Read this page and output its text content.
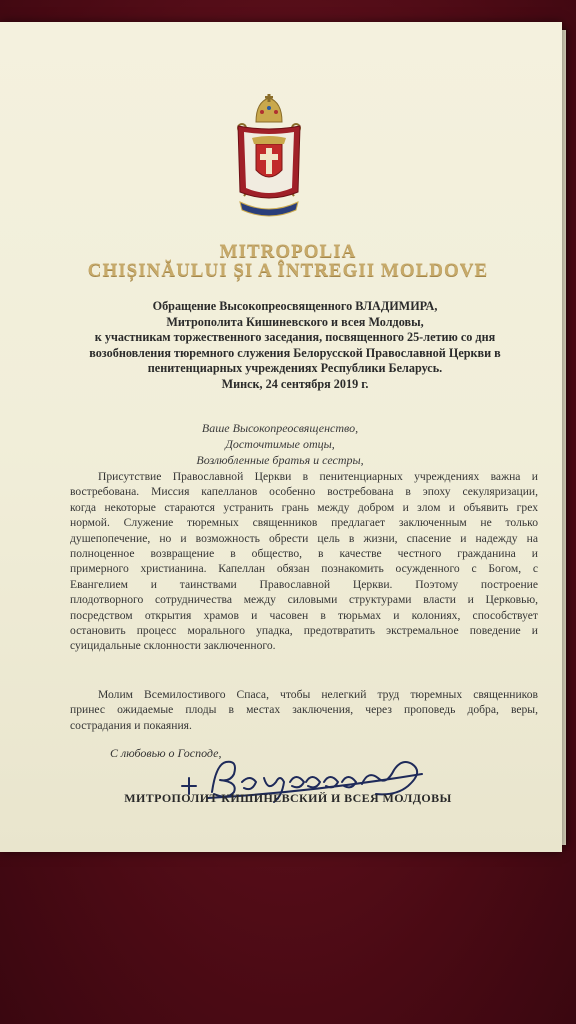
MITROPOLIA
CHIȘINĂULUI ȘI A ÎNTREGII MOLDOVE
Обращение Высокопреосвященного ВЛАДИМИРА,
Митрополита Кишиневского и всея Молдовы,
к участникам торжественного заседания, посвященного 25-летию со дня
возобновления тюремного служения Белорусской Православной Церкви в
пенитенциарных учреждениях Республики Беларусь.
Минск, 24 сентября 2019 г.
Ваше Высокопреосвященство,
Досточтимые отцы,
Возлюбленные братья и сестры,
Присутствие Православной Церкви в пенитенциарных учреждениях важна и
востребована. Миссия капелланов особенно востребована в эпоху секуляризации,
когда некоторые стараются устранить грань между добром и злом и объявить грех
нормой. Служение тюремных священников предлагает заключенным не только
душепопечение, но и возможность обрести цель в жизни, спасение и надежду на
полноценное возвращение в общество, в качестве честного гражданина и
примерного христианина. Капеллан обязан познакомить осужденного с Богом, с
Евангелием и таинствами Православной Церкви. Поэтому построение
плодотворного сотрудничества между силовыми структурами власти и Церковью,
посредством открытия храмов и часовен в тюрьмах и колониях, способствует
остановить процесс морального упадка, предотвратить экстремальное поведение и
суицидальные склонности заключенного.
Молим Всемилостивого Спаса, чтобы нелегкий труд тюремных священников
принес ожидаемые плоды в местах заключения, через проповедь добра, веры,
сострадания и покаяния.

С любовью о Господе,

МИТРОПОЛИТ КИШИНЕВСКИЙ И ВСЕЯ МОЛДОВЫ
